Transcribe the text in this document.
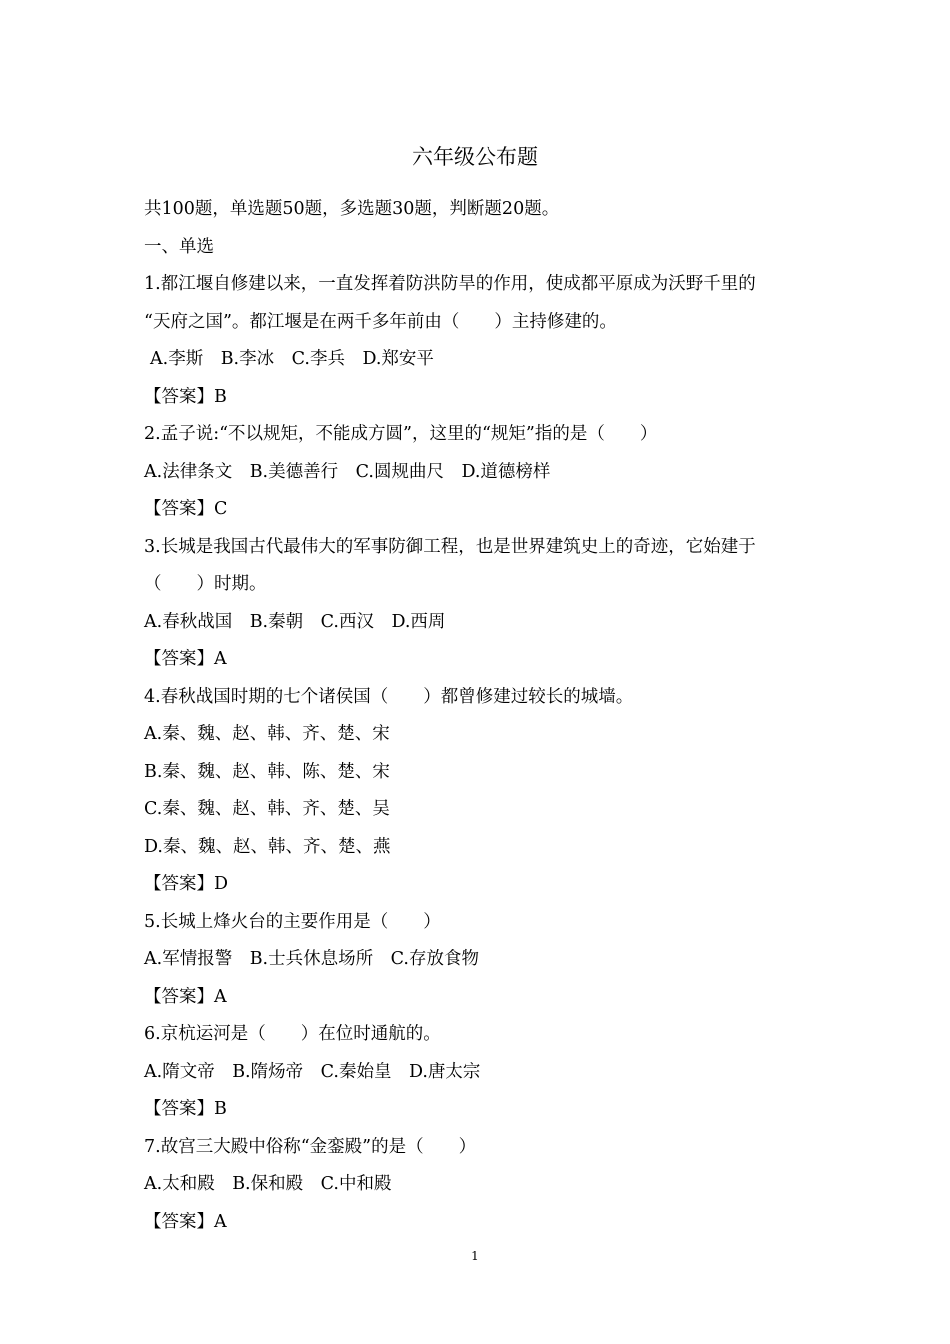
六年级公布题
共100题，单选题50题，多选题30题，判断题20题。
一、单选
1.都江堰自修建以来，一直发挥着防洪防旱的作用，使成都平原成为沃野千里的
“天府之国”。都江堰是在两千多年前由（　　）主持修建的。
A.李斯　B.李冰　C.李兵　D.郑安平
【答案】B
2.孟子说:“不以规矩，不能成方圆”，这里的“规矩”指的是（　　）
A.法律条文　B.美德善行　C.圆规曲尺　D.道德榜样
【答案】C
3.长城是我国古代最伟大的军事防御工程，也是世界建筑史上的奇迹，它始建于
（　　）时期。
A.春秋战国　B.秦朝　C.西汉　D.西周
【答案】A
4.春秋战国时期的七个诸侯国（　　）都曾修建过较长的城墙。
A.秦、魏、赵、韩、齐、楚、宋
B.秦、魏、赵、韩、陈、楚、宋
C.秦、魏、赵、韩、齐、楚、吴
D.秦、魏、赵、韩、齐、楚、燕
【答案】D
5.长城上烽火台的主要作用是（　　）
A.军情报警　B.士兵休息场所　C.存放食物
【答案】A
6.京杭运河是（　　）在位时通航的。
A.隋文帝　B.隋炀帝　C.秦始皇　D.唐太宗
【答案】B
7.故宫三大殿中俗称“金銮殿”的是（　　）
A.太和殿　B.保和殿　C.中和殿
【答案】A
1
